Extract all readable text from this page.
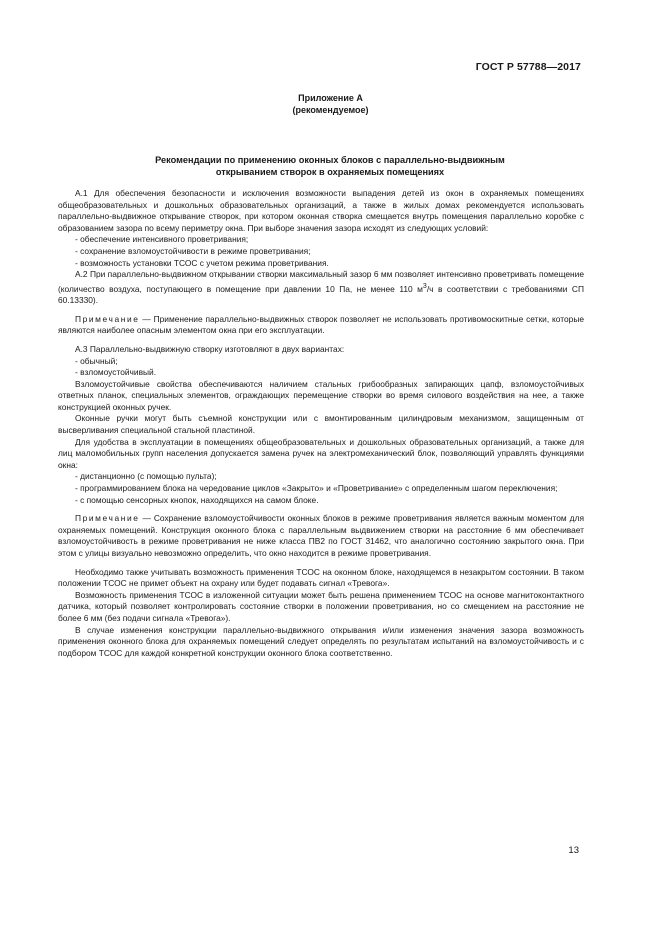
ГОСТ Р 57788—2017
Приложение А
(рекомендуемое)
Рекомендации по применению оконных блоков с параллельно-выдвижным
открыванием створок в охраняемых помещениях

А.1 Для обеспечения безопасности и исключения возможности выпадения детей из окон в охраняемых помещениях общеобразовательных и дошкольных образовательных организаций, а также в жилых домах рекомендуется использовать параллельно-выдвижное открывание створок, при котором оконная створка смещается внутрь помещения параллельно коробке с образованием зазора по всему периметру окна. При выборе значения зазора исходят из следующих условий:

- обеспечение интенсивного проветривания;

- сохранение взломоустойчивости в режиме проветривания;

- возможность установки ТСОС с учетом режима проветривания.

А.2 При параллельно-выдвижном открывании створки максимальный зазор 6 мм позволяет интенсивно проветривать помещение (количество воздуха, поступающего в помещение при давлении 10 Па, не менее 110 $м^3/ч$ в соответствии с требованиями СП 60.13330).

Примечание — Применение параллельно-выдвижных створок позволяет не использовать противомоскитные сетки, которые являются наиболее опасным элементом окна при его эксплуатации.

А.3 Параллельно-выдвижную створку изготовляют в двух вариантах:

- обычный;

- взломоустойчивый.

Взломоустойчивые свойства обеспечиваются наличием стальных грибообразных запирающих цапф, взломоустойчивых ответных планок, специальных элементов, ограждающих перемещение створки во время силового воздействия на нее, а также конструкцией оконных ручек.

Оконные ручки могут быть съемной конструкции или с вмонтированным цилиндровым механизмом, защищенным от высверливания специальной стальной пластиной.

Для удобства в эксплуатации в помещениях общеобразовательных и дошкольных образовательных организаций, а также для лиц маломобильных групп населения допускается замена ручек на электромеханический блок, позволяющий управлять функциями окна:

- дистанционно (с помощью пульта);

- программированием блока на чередование циклов «Закрыто» и «Проветривание» с определенным шагом переключения;

- с помощью сенсорных кнопок, находящихся на самом блоке.

Примечание — Сохранение взломоустойчивости оконных блоков в режиме проветривания является важным моментом для охраняемых помещений. Конструкция оконного блока с параллельным выдвижением створки на расстояние 6 мм обеспечивает взломоустойчивость в режиме проветривания не ниже класса ПВ2 по ГОСТ 31462, что аналогично состоянию закрытого окна. При этом с улицы визуально невозможно определить, что окно находится в режиме проветривания.

Необходимо также учитывать возможность применения ТСОС на оконном блоке, находящемся в незакрытом состоянии. В таком положении ТСОС не примет объект на охрану или будет подавать сигнал «Тревога».

Возможность применения ТСОС в изложенной ситуации может быть решена применением ТСОС на основе магнитоконтактного датчика, который позволяет контролировать состояние створки в положении проветривания, но со смещением на расстояние не более 6 мм (без подачи сигнала «Тревога»).

В случае изменения конструкции параллельно-выдвижного открывания и/или изменения значения зазора возможность применения оконного блока для охраняемых помещений следует определять по результатам испытаний на взломоустойчивость и с подбором ТСОС для каждой конкретной конструкции оконного блока соответственно.

13
